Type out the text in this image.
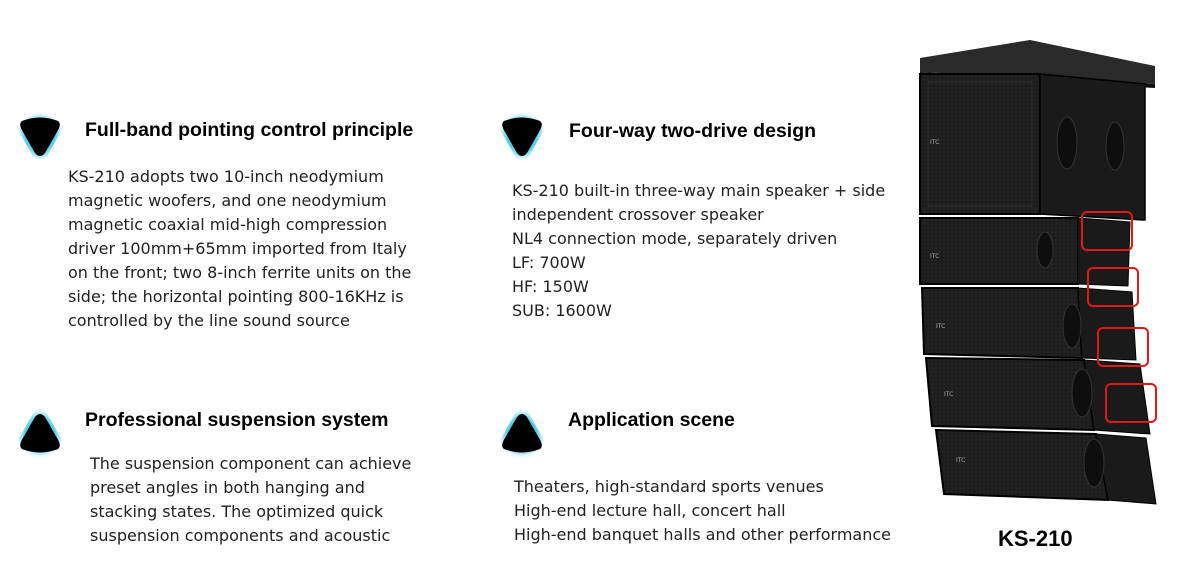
Full-band pointing control principle
KS-210 adopts two 10-inch neodymium
magnetic woofers, and one neodymium
magnetic coaxial mid-high compression
driver 100mm+65mm imported from Italy
on the front; two 8-inch ferrite units on the
side; the horizontal pointing 800-16KHz is
controlled by the line sound source
Four-way two-drive design
KS-210 built-in three-way main speaker + side
independent crossover speaker
NL4 connection mode, separately driven
LF: 700W
HF: 150W
SUB: 1600W
Professional suspension system
The suspension component can achieve
preset angles in both hanging and
stacking states. The optimized quick
suspension components and acoustic
Application scene
Theaters, high-standard sports venues
High-end lecture hall, concert hall
High-end banquet halls and other performance
ITC
ITC
ITC
ITC
ITC
KS-210
